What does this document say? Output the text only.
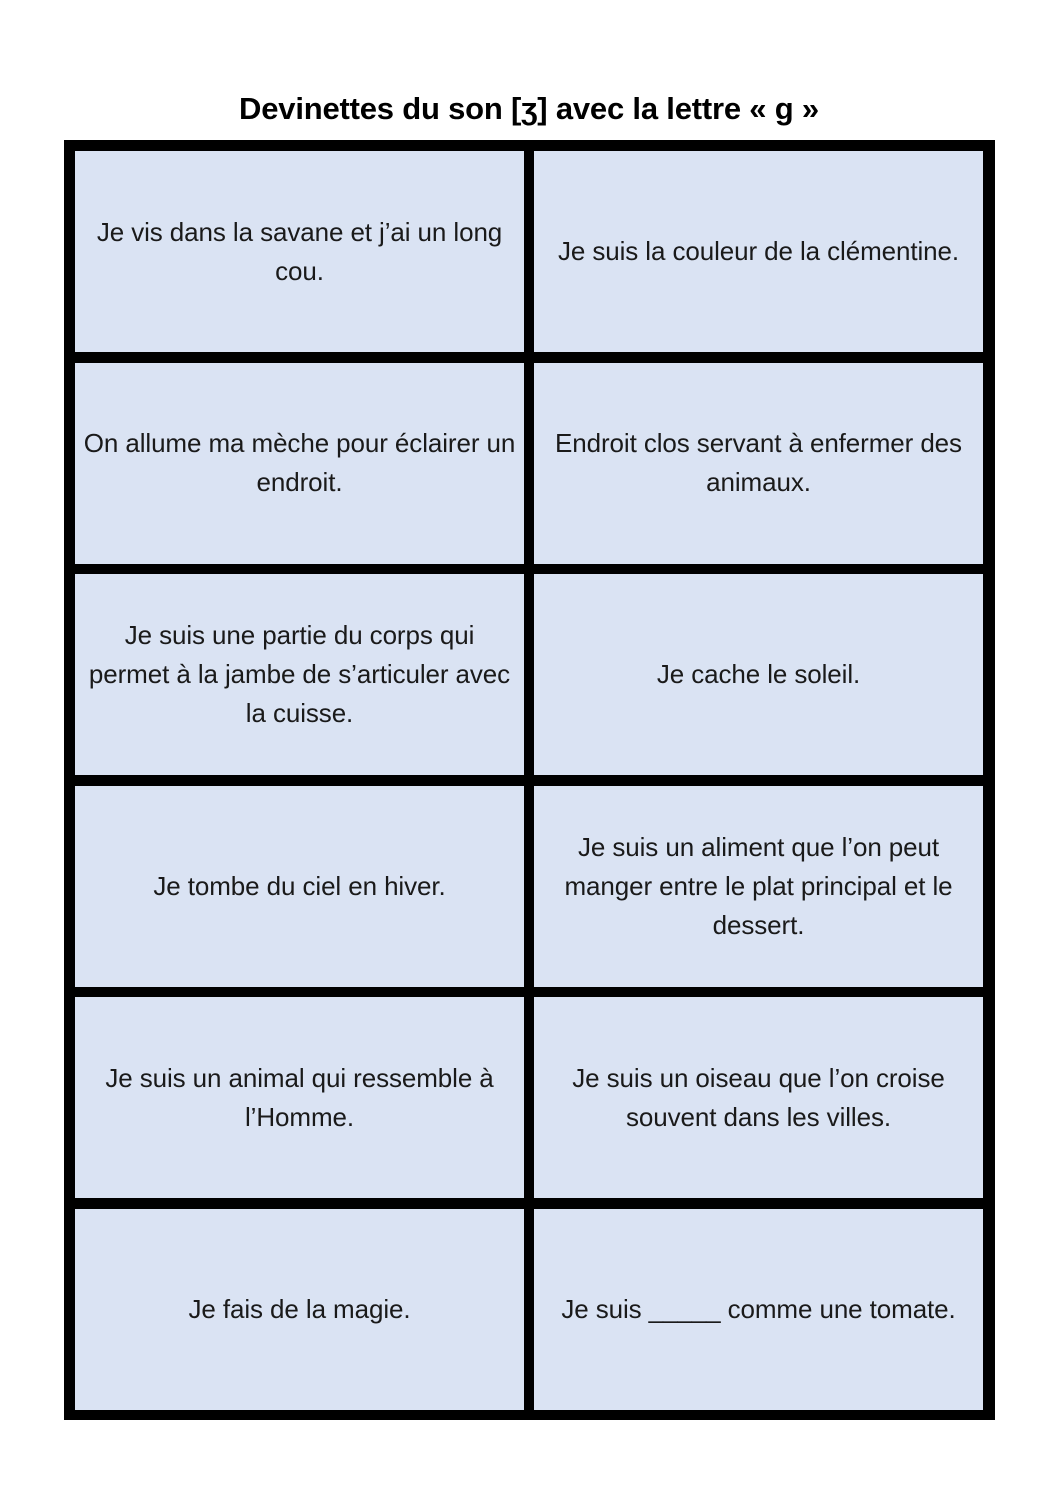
Devinettes du son [ʒ] avec la lettre « g »
Je vis dans la savane et j’ai un long cou.
Je suis la couleur de la clémentine.
On allume ma mèche pour éclairer un endroit.
Endroit clos servant à enfermer des animaux.
Je suis une partie du corps qui permet à la jambe de s’articuler avec la cuisse.
Je cache le soleil.
Je tombe du ciel en hiver.
Je suis un aliment que l’on peut manger entre le plat principal et le dessert.
Je suis un animal qui ressemble à l’Homme.
Je suis un oiseau que l’on croise souvent dans les villes.
Je fais de la magie.	Je suis _____ comme une tomate.
